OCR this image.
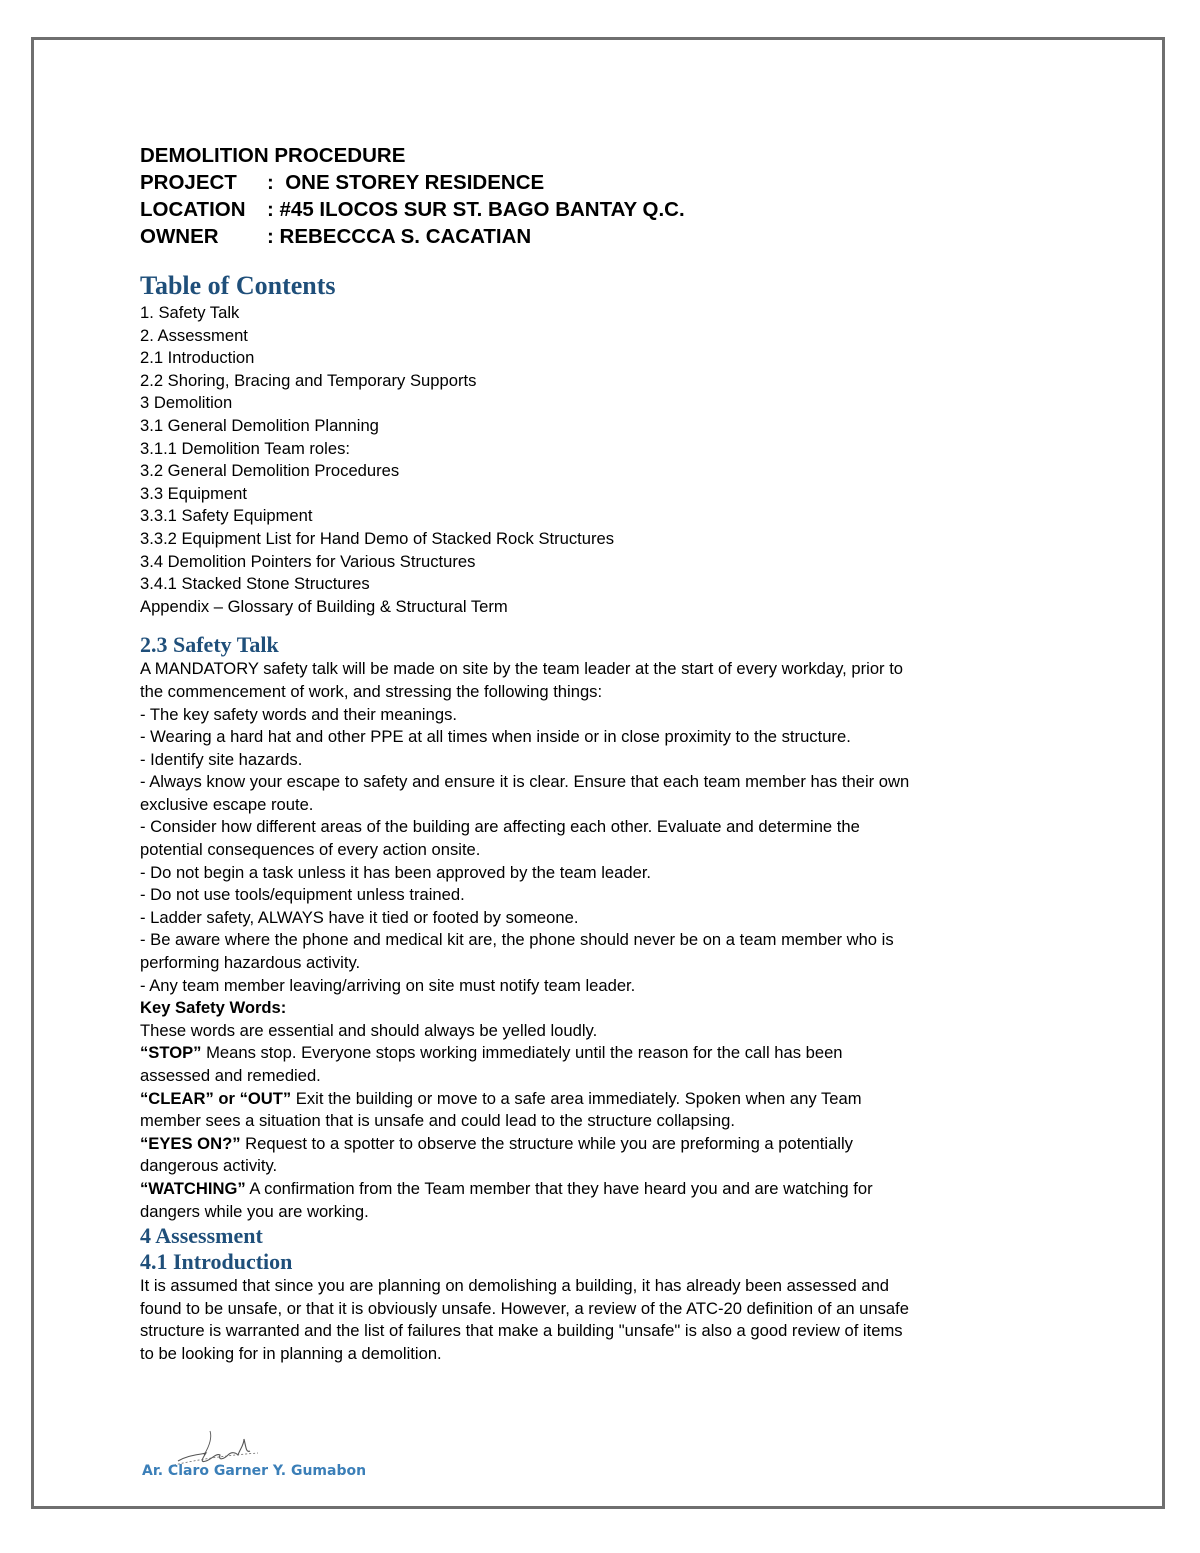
DEMOLITION PROCEDURE
PROJECT	:  ONE STOREY RESIDENCE
LOCATION	: #45 ILOCOS SUR ST. BAGO BANTAY Q.C.
OWNER	: REBECCCA S. CACATIAN
Table of Contents
1. Safety Talk
2. Assessment
2.1 Introduction
2.2 Shoring, Bracing and Temporary Supports
3 Demolition
3.1 General Demolition Planning
3.1.1 Demolition Team roles:
3.2 General Demolition Procedures
3.3 Equipment
3.3.1 Safety Equipment
3.3.2 Equipment List for Hand Demo of Stacked Rock Structures
3.4 Demolition Pointers for Various Structures
3.4.1 Stacked Stone Structures
Appendix – Glossary of Building & Structural Term
2.3 Safety Talk
A MANDATORY safety talk will be made on site by the team leader at the start of every workday, prior to
the commencement of work, and stressing the following things:
- The key safety words and their meanings.
- Wearing a hard hat and other PPE at all times when inside or in close proximity to the structure.
- Identify site hazards.
- Always know your escape to safety and ensure it is clear. Ensure that each team member has their own
exclusive escape route.
- Consider how different areas of the building are affecting each other. Evaluate and determine the
potential consequences of every action onsite.
- Do not begin a task unless it has been approved by the team leader.
- Do not use tools/equipment unless trained.
- Ladder safety, ALWAYS have it tied or footed by someone.
- Be aware where the phone and medical kit are, the phone should never be on a team member who is
performing hazardous activity.
- Any team member leaving/arriving on site must notify team leader.
Key Safety Words:
These words are essential and should always be yelled loudly.
“STOP” Means stop. Everyone stops working immediately until the reason for the call has been
assessed and remedied.
“CLEAR” or “OUT” Exit the building or move to a safe area immediately. Spoken when any Team
member sees a situation that is unsafe and could lead to the structure collapsing.
“EYES ON?” Request to a spotter to observe the structure while you are preforming a potentially
dangerous activity.
“WATCHING” A confirmation from the Team member that they have heard you and are watching for
dangers while you are working.
4 Assessment
4.1 Introduction
It is assumed that since you are planning on demolishing a building, it has already been assessed and
found to be unsafe, or that it is obviously unsafe. However, a review of the ATC-20 definition of an unsafe
structure is warranted and the list of failures that make a building "unsafe" is also a good review of items
to be looking for in planning a demolition.
Ar. Claro Garner Y. Gumabon
